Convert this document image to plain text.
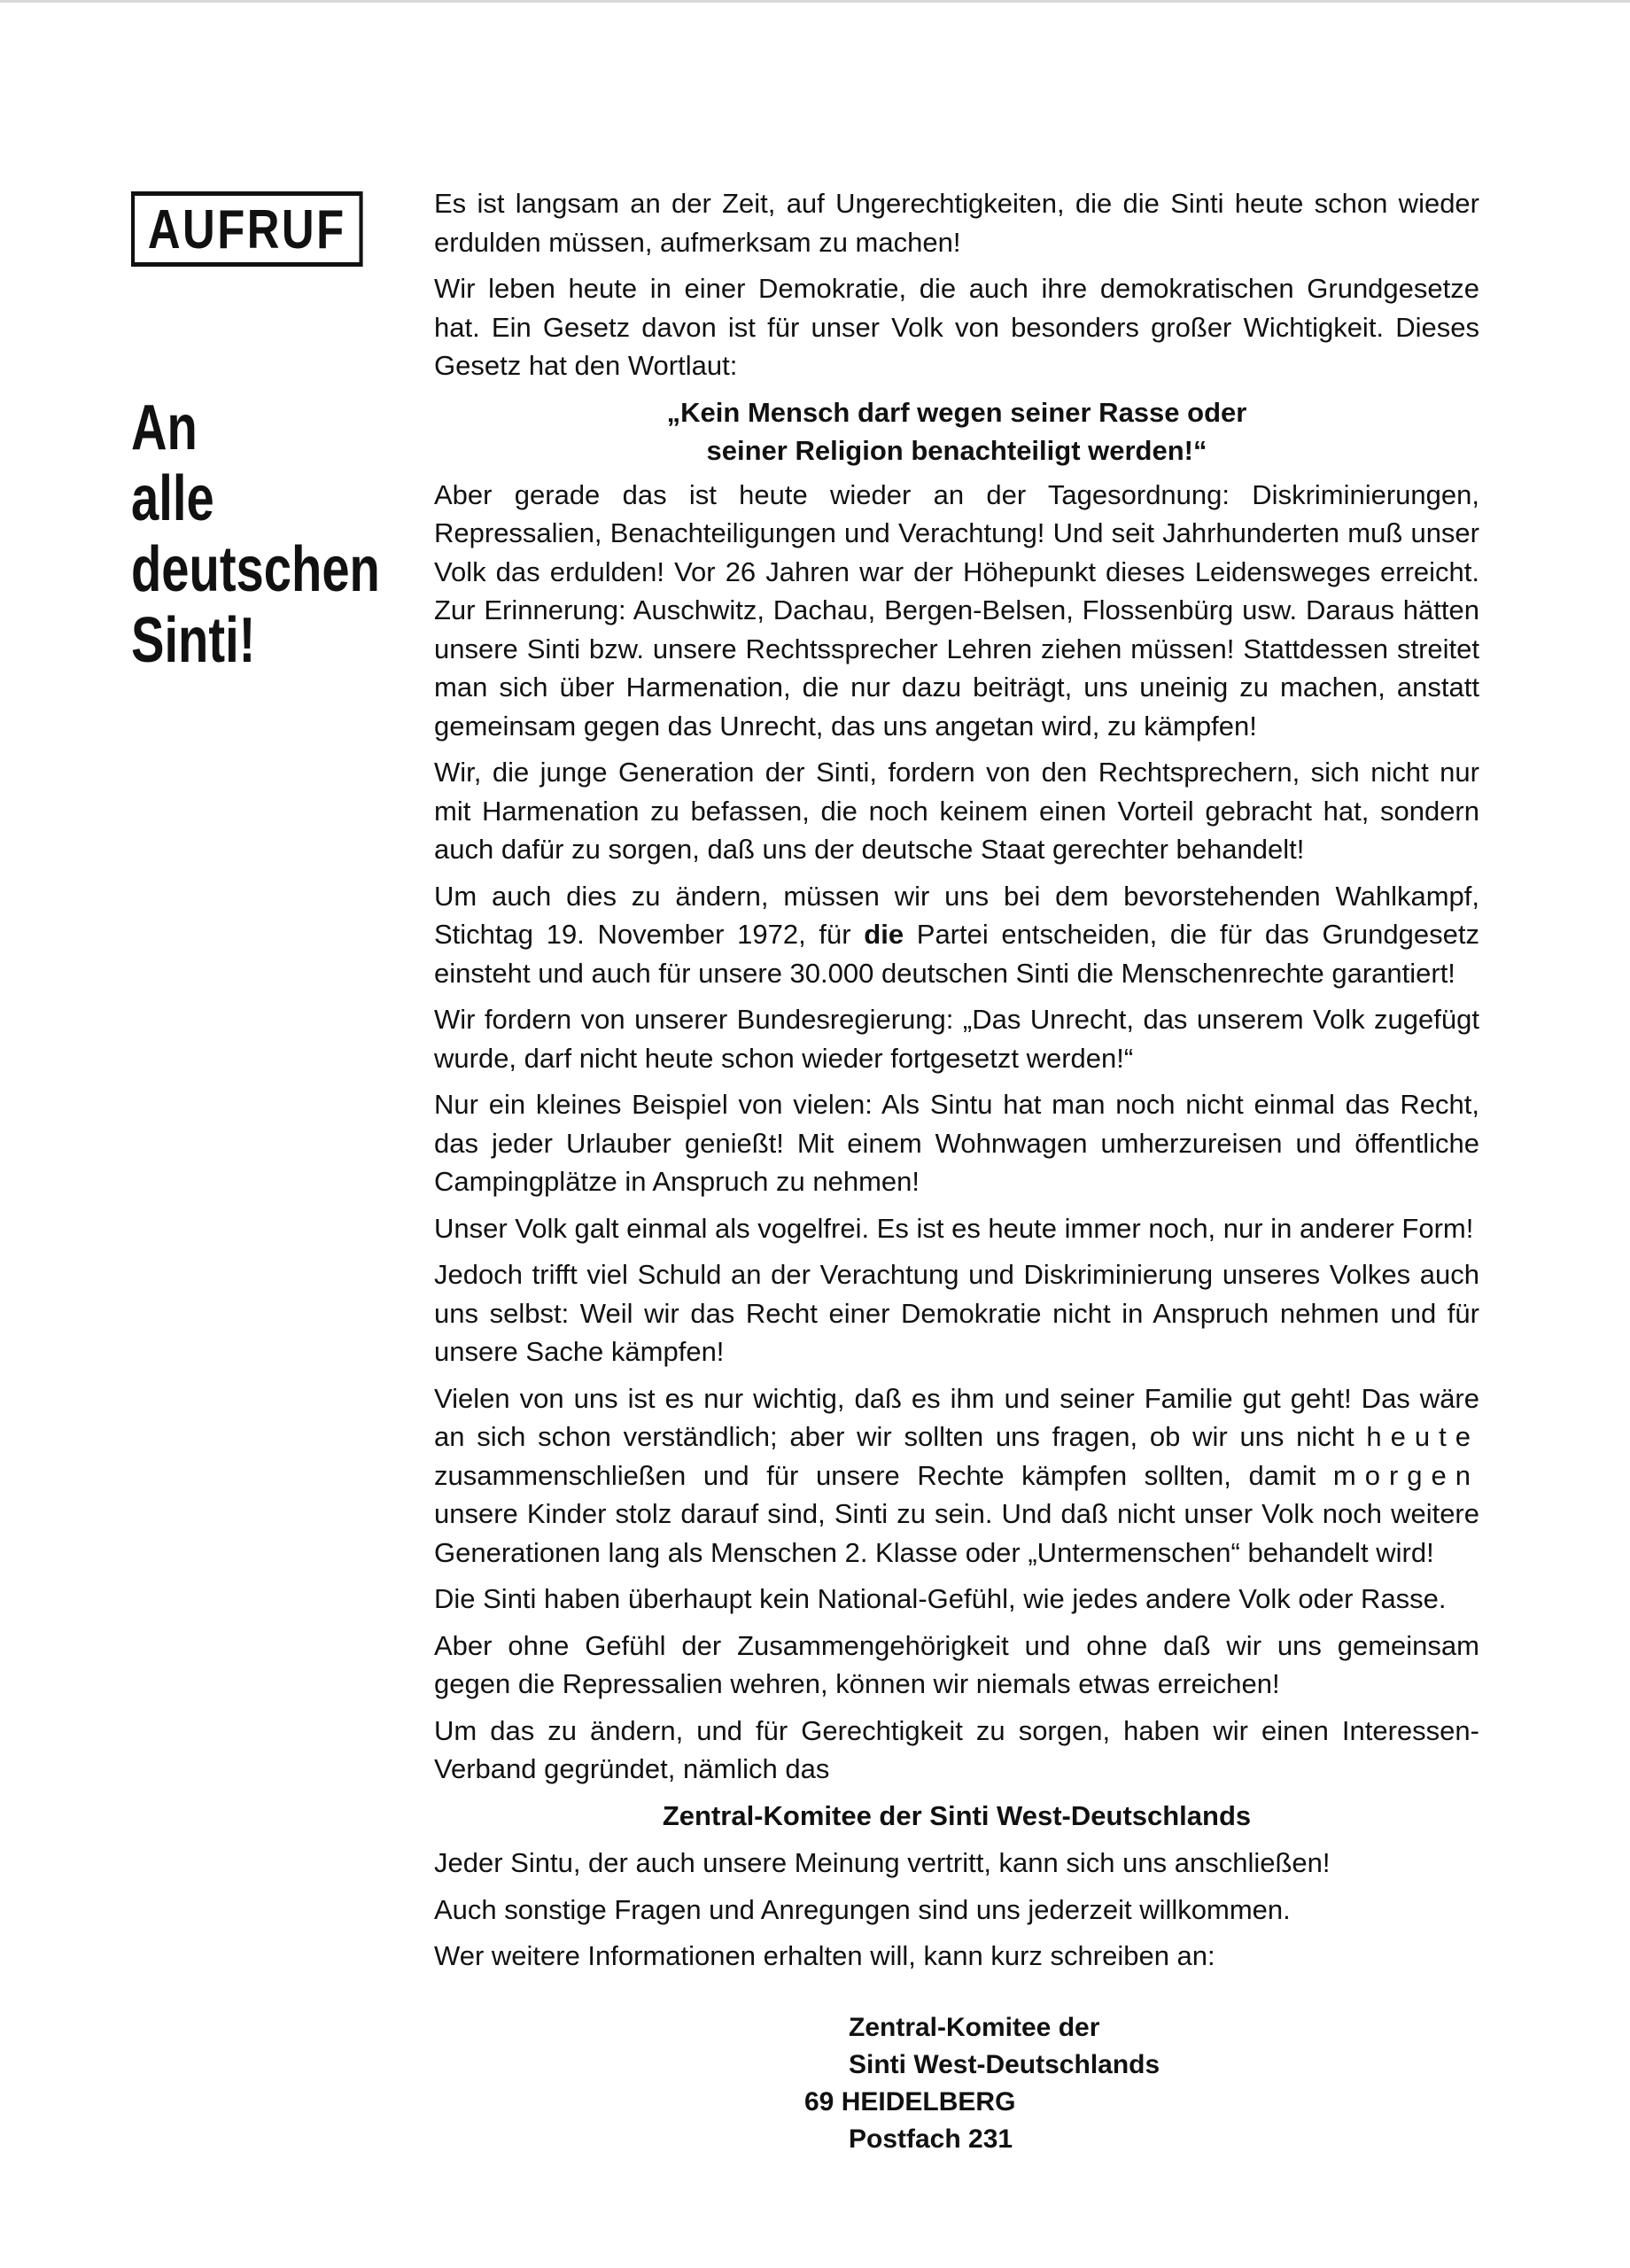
AUFRUF
An
alle
deutschen
Sinti!

Es ist langsam an der Zeit, auf Ungerechtigkeiten, die die Sinti heute schon wieder erdulden müssen, aufmerksam zu machen!

Wir leben heute in einer Demokratie, die auch ihre demokratischen Grundgesetze hat. Ein Gesetz davon ist für unser Volk von besonders großer Wichtigkeit. Dieses Gesetz hat den Wortlaut:

„Kein Mensch darf wegen seiner Rasse oder
seiner Religion benachteiligt werden!“

Aber gerade das ist heute wieder an der Tagesordnung: Diskriminierungen, Repressalien, Benachteiligungen und Verachtung! Und seit Jahrhunderten muß unser Volk das erdulden! Vor 26 Jahren war der Höhepunkt dieses Leidensweges erreicht. Zur Erinnerung: Auschwitz, Dachau, Bergen-Belsen, Flossenbürg usw. Daraus hätten unsere Sinti bzw. unsere Rechtssprecher Lehren ziehen müssen! Stattdessen streitet man sich über Harmenation, die nur dazu beiträgt, uns uneinig zu machen, anstatt gemeinsam gegen das Unrecht, das uns angetan wird, zu kämpfen!

Wir, die junge Generation der Sinti, fordern von den Rechtsprechern, sich nicht nur mit Harmenation zu befassen, die noch keinem einen Vorteil gebracht hat, sondern auch dafür zu sorgen, daß uns der deutsche Staat gerechter behandelt!

Um auch dies zu ändern, müssen wir uns bei dem bevorstehenden Wahlkampf, Stichtag 19. November 1972, für die Partei entscheiden, die für das Grundgesetz einsteht und auch für unsere 30.000 deutschen Sinti die Menschenrechte garantiert!

Wir fordern von unserer Bundesregierung: „Das Unrecht, das unserem Volk zugefügt wurde, darf nicht heute schon wieder fortgesetzt werden!“

Nur ein kleines Beispiel von vielen: Als Sintu hat man noch nicht einmal das Recht, das jeder Urlauber genießt! Mit einem Wohnwagen umherzureisen und öffentliche Campingplätze in Anspruch zu nehmen!

Unser Volk galt einmal als vogelfrei. Es ist es heute immer noch, nur in anderer Form!

Jedoch trifft viel Schuld an der Verachtung und Diskriminierung unseres Volkes auch uns selbst: Weil wir das Recht einer Demokratie nicht in Anspruch nehmen und für unsere Sache kämpfen!

Vielen von uns ist es nur wichtig, daß es ihm und seiner Familie gut geht! Das wäre an sich schon verständlich; aber wir sollten uns fragen, ob wir uns nicht heute zusammenschließen und für unsere Rechte kämpfen sollten, damit morgen unsere Kinder stolz darauf sind, Sinti zu sein. Und daß nicht unser Volk noch weitere Generationen lang als Menschen 2. Klasse oder „Untermenschen“ behandelt wird!

Die Sinti haben überhaupt kein National-Gefühl, wie jedes andere Volk oder Rasse.

Aber ohne Gefühl der Zusammengehörigkeit und ohne daß wir uns gemeinsam gegen die Repressalien wehren, können wir niemals etwas erreichen!

Um das zu ändern, und für Gerechtigkeit zu sorgen, haben wir einen Interessen-Verband gegründet, nämlich das

Zentral-Komitee der Sinti West-Deutschlands

Jeder Sintu, der auch unsere Meinung vertritt, kann sich uns anschließen!

Auch sonstige Fragen und Anregungen sind uns jederzeit willkommen.

Wer weitere Informationen erhalten will, kann kurz schreiben an:

Zentral-Komitee der
Sinti West-Deutschlands
69 HEIDELBERG
Postfach 231
